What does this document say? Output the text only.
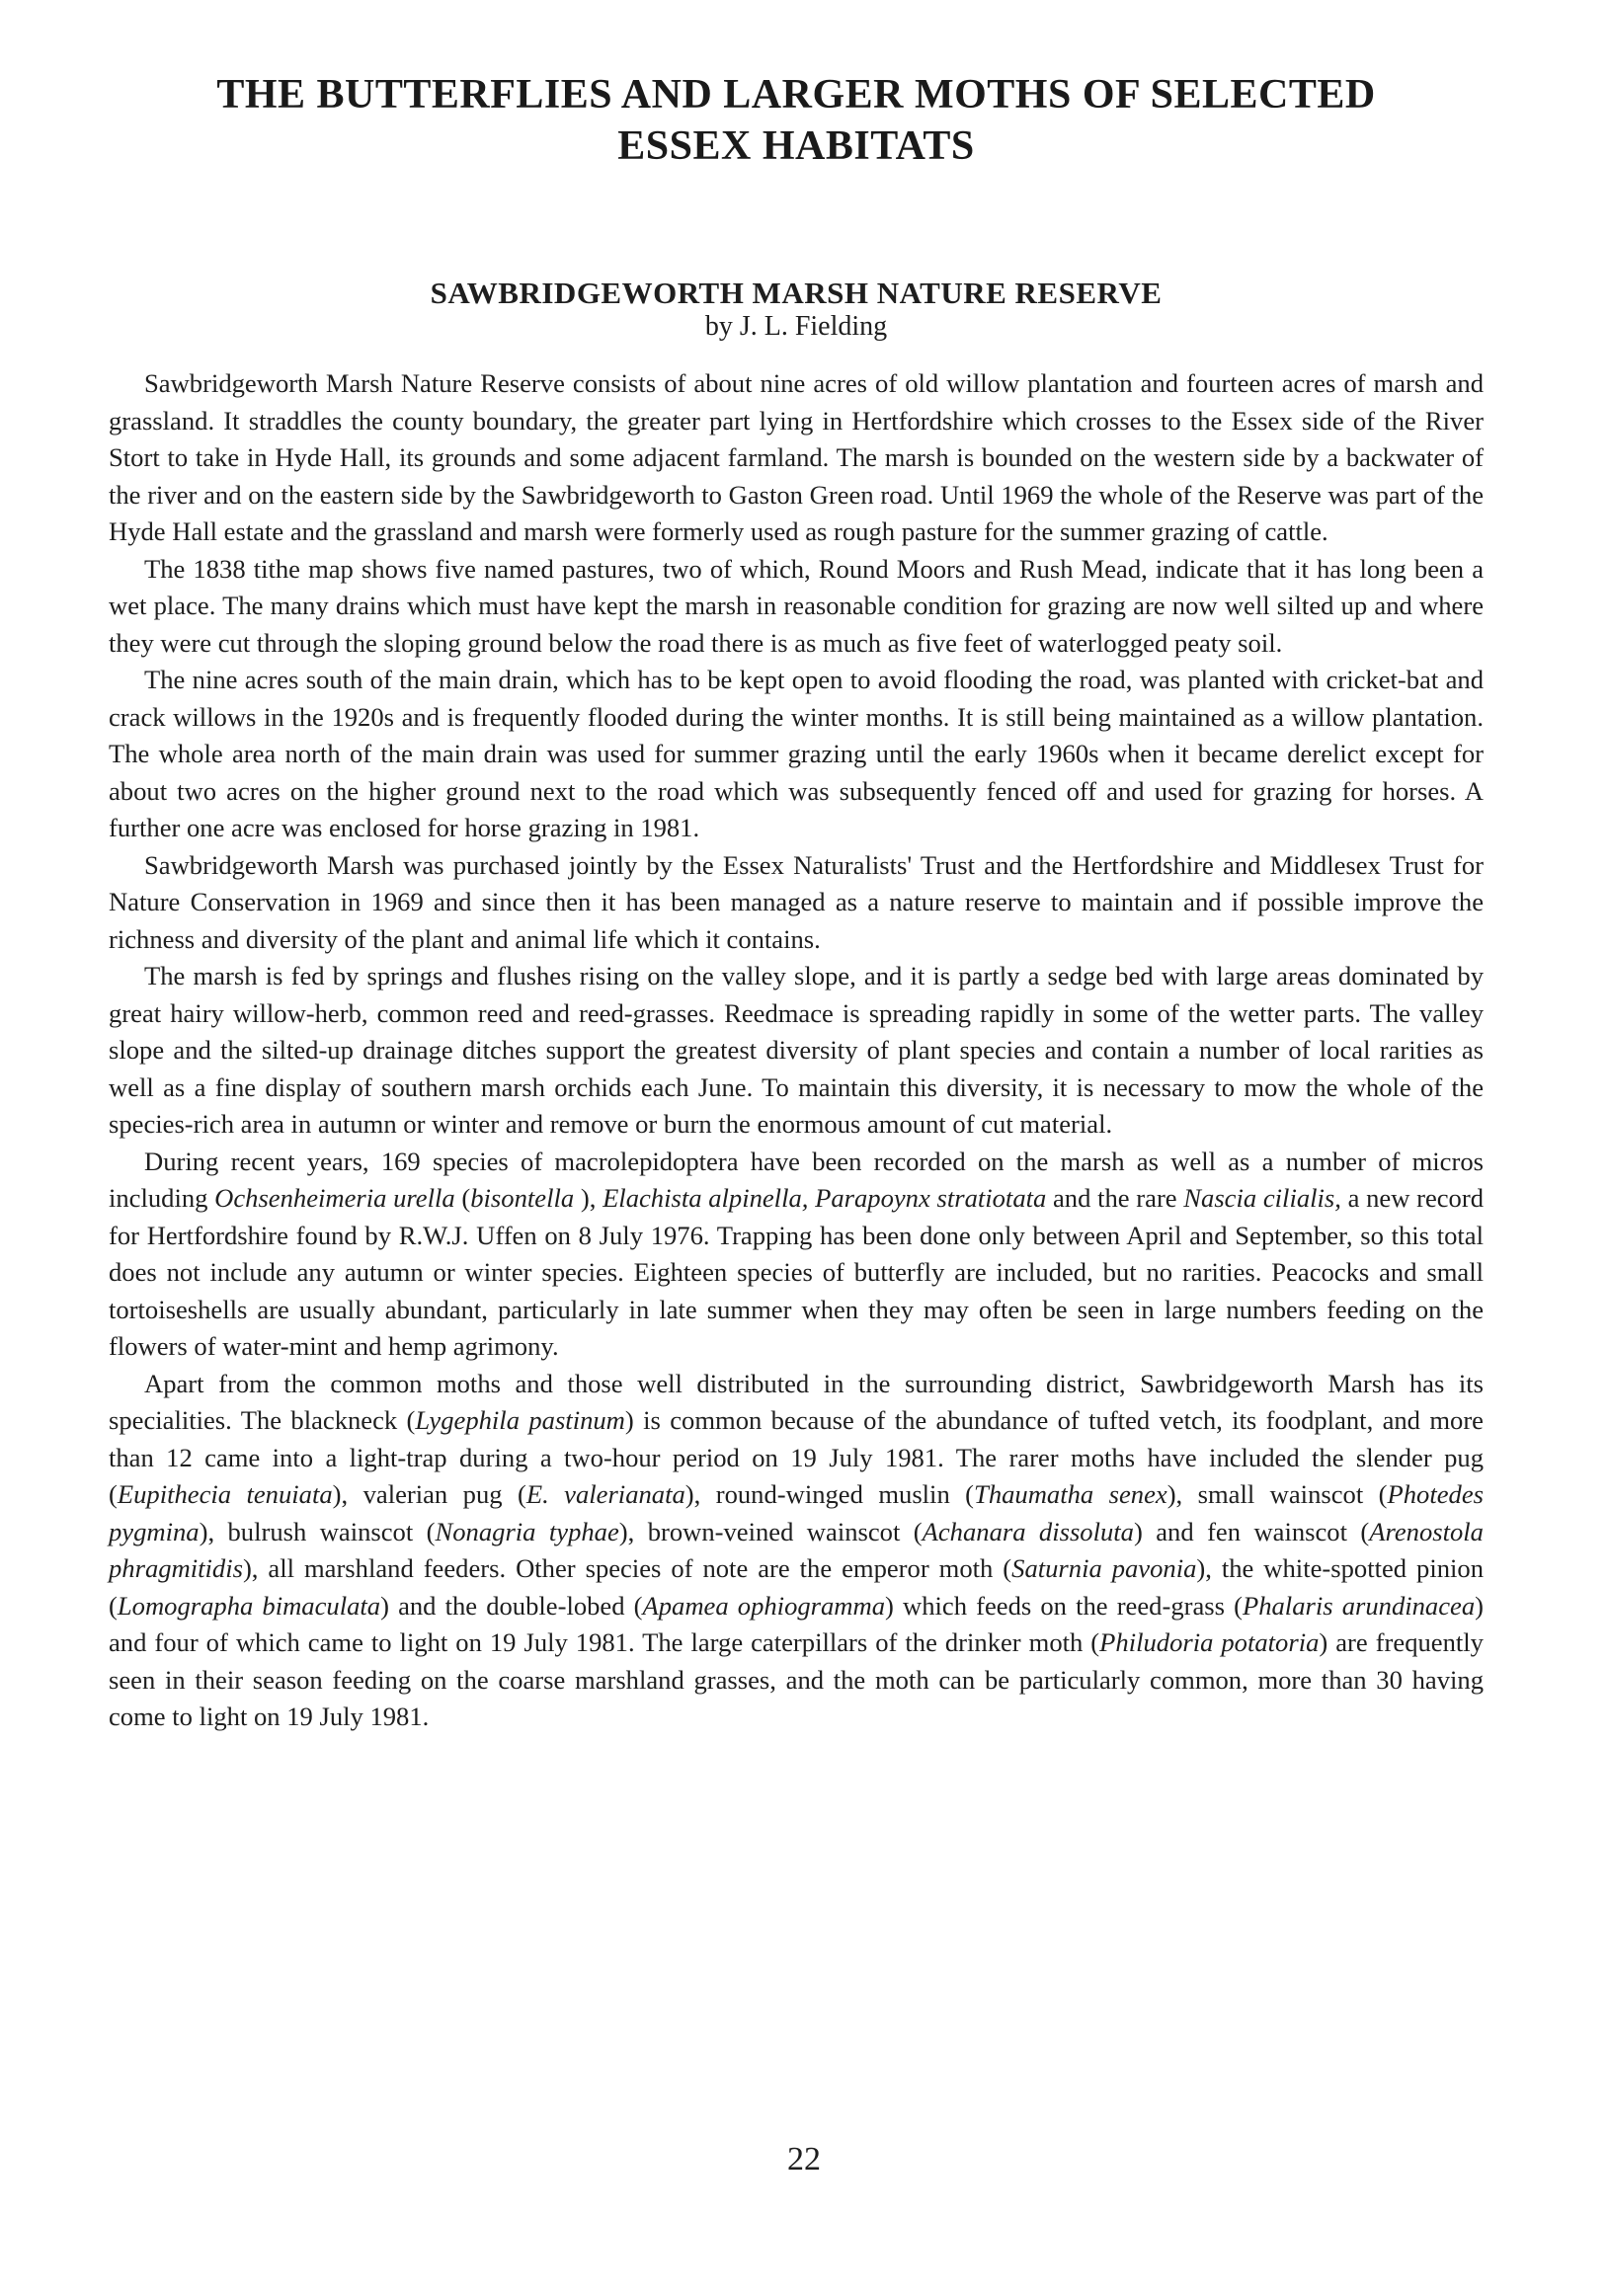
THE BUTTERFLIES AND LARGER MOTHS OF SELECTED
ESSEX HABITATS
SAWBRIDGEWORTH MARSH NATURE RESERVE
by J. L. Fielding

Sawbridgeworth Marsh Nature Reserve consists of about nine acres of old willow plantation and fourteen acres of marsh and grassland. It straddles the county boundary, the greater part lying in Hertfordshire which crosses to the Essex side of the River Stort to take in Hyde Hall, its grounds and some adjacent farmland. The marsh is bounded on the western side by a backwater of the river and on the eastern side by the Sawbridgeworth to Gaston Green road. Until 1969 the whole of the Reserve was part of the Hyde Hall estate and the grassland and marsh were formerly used as rough pasture for the summer grazing of cattle.

The 1838 tithe map shows five named pastures, two of which, Round Moors and Rush Mead, indicate that it has long been a wet place. The many drains which must have kept the marsh in reasonable condition for grazing are now well silted up and where they were cut through the sloping ground below the road there is as much as five feet of waterlogged peaty soil.

The nine acres south of the main drain, which has to be kept open to avoid flooding the road, was planted with cricket-bat and crack willows in the 1920s and is frequently flooded during the winter months. It is still being maintained as a willow plantation. The whole area north of the main drain was used for summer grazing until the early 1960s when it became derelict except for about two acres on the higher ground next to the road which was subsequently fenced off and used for grazing for horses. A further one acre was enclosed for horse grazing in 1981.

Sawbridgeworth Marsh was purchased jointly by the Essex Naturalists' Trust and the Hertfordshire and Middlesex Trust for Nature Conservation in 1969 and since then it has been managed as a nature reserve to maintain and if possible improve the richness and diversity of the plant and animal life which it contains.

The marsh is fed by springs and flushes rising on the valley slope, and it is partly a sedge bed with large areas dominated by great hairy willow-herb, common reed and reed-grasses. Reedmace is spreading rapidly in some of the wetter parts. The valley slope and the silted-up drainage ditches support the greatest diversity of plant species and contain a number of local rarities as well as a fine display of southern marsh orchids each June. To maintain this diversity, it is necessary to mow the whole of the species-rich area in autumn or winter and remove or burn the enormous amount of cut material.

During recent years, 169 species of macrolepidoptera have been recorded on the marsh as well as a number of micros including Ochsenheimeria urella (bisontella ), Elachista alpinella, Parapoynx stratiotata and the rare Nascia cilialis, a new record for Hertfordshire found by R.W.J. Uffen on 8 July 1976. Trapping has been done only between April and September, so this total does not include any autumn or winter species. Eighteen species of butterfly are included, but no rarities. Peacocks and small tortoiseshells are usually abundant, particularly in late summer when they may often be seen in large numbers feeding on the flowers of water-mint and hemp agrimony.

Apart from the common moths and those well distributed in the surrounding district, Sawbridgeworth Marsh has its specialities. The blackneck (Lygephila pastinum) is common because of the abundance of tufted vetch, its foodplant, and more than 12 came into a light-trap during a two-hour period on 19 July 1981. The rarer moths have included the slender pug (Eupithecia tenuiata), valerian pug (E. valerianata), round-winged muslin (Thaumatha senex), small wainscot (Photedes pygmina), bulrush wainscot (Nonagria typhae), brown-veined wainscot (Achanara dissoluta) and fen wainscot (Arenostola phragmitidis), all marshland feeders. Other species of note are the emperor moth (Saturnia pavonia), the white-spotted pinion (Lomographa bimaculata) and the double-lobed (Apamea ophiogramma) which feeds on the reed-grass (Phalaris arundinacea) and four of which came to light on 19 July 1981. The large caterpillars of the drinker moth (Philudoria potatoria) are frequently seen in their season feeding on the coarse marshland grasses, and the moth can be particularly common, more than 30 having come to light on 19 July 1981.

22
